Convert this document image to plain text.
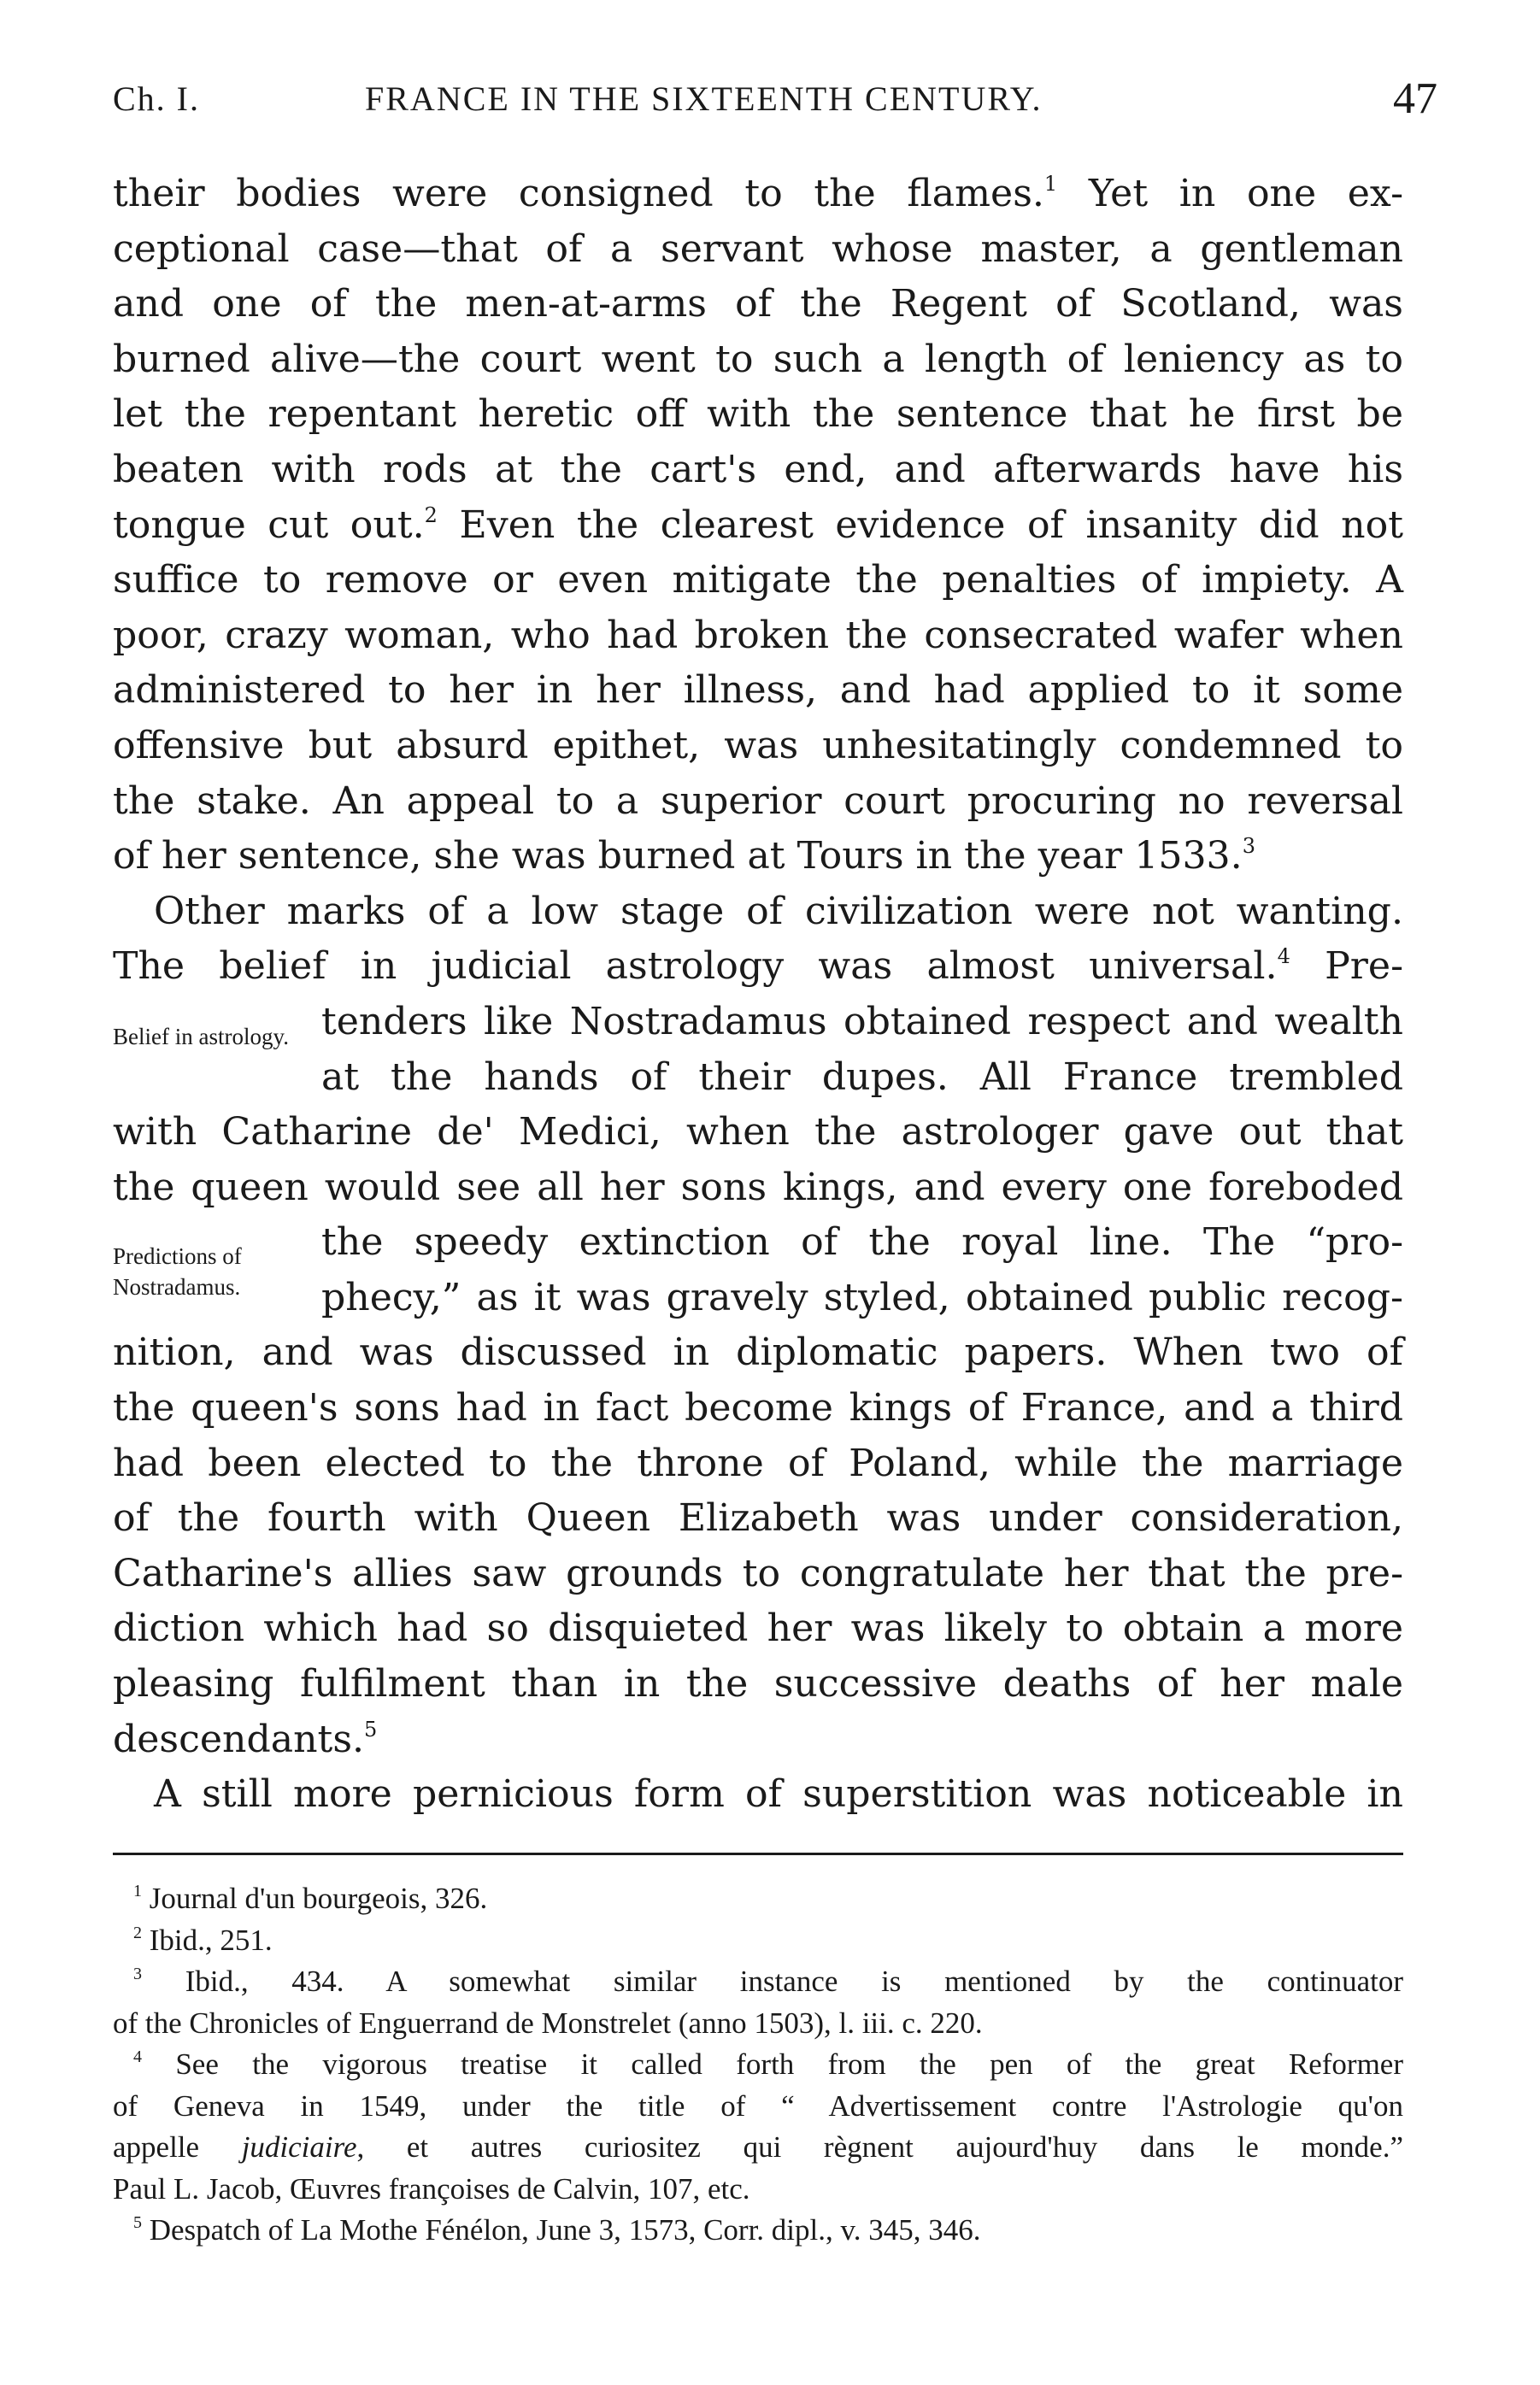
Ch. I.	FRANCE IN THE SIXTEENTH CENTURY.	47
their bodies were consigned to the flames.$^1$ Yet in one ex-
ceptional case—that of a servant whose master, a gentleman
and one of the men-at-arms of the Regent of Scotland, was
burned alive—the court went to such a length of leniency as to
let the repentant heretic off with the sentence that he first be
beaten with rods at the cart's end, and afterwards have his
tongue cut out.$^2$ Even the clearest evidence of insanity did not
suffice to remove or even mitigate the penalties of impiety. A
poor, crazy woman, who had broken the consecrated wafer when
administered to her in her illness, and had applied to it some
offensive but absurd epithet, was unhesitatingly condemned to
the stake. An appeal to a superior court procuring no reversal
of her sentence, she was burned at Tours in the year 1533.$^3$
Other marks of a low stage of civilization were not wanting.
The belief in judicial astrology was almost universal.$^4$ Pre-
tenders like Nostradamus obtained respect and wealth
at the hands of their dupes. All France trembled
with Catharine de' Medici, when the astrologer gave out that
the queen would see all her sons kings, and every one foreboded
the speedy extinction of the royal line. The “pro-
phecy,” as it was gravely styled, obtained public recog-
nition, and was discussed in diplomatic papers. When two of
the queen's sons had in fact become kings of France, and a third
had been elected to the throne of Poland, while the marriage
of the fourth with Queen Elizabeth was under consideration,
Catharine's allies saw grounds to congratulate her that the pre-
diction which had so disquieted her was likely to obtain a more
pleasing fulfilment than in the successive deaths of her male
descendants.$^5$
A still more pernicious form of superstition was noticeable in
Belief in astrology.
Predictions of Nostradamus.
$^1$ Journal d'un bourgeois, 326.
$^2$ Ibid., 251.
$^3$ Ibid., 434. A somewhat similar instance is mentioned by the continuator
of the Chronicles of Enguerrand de Monstrelet (anno 1503), l. iii. c. 220.
$^4$ See the vigorous treatise it called forth from the pen of the great Reformer
of Geneva in 1549, under the title of “ Advertissement contre l'Astrologie qu'on
appelle judiciaire, et autres curiositez qui règnent aujourd'huy dans le monde.”
Paul L. Jacob, Œuvres françoises de Calvin, 107, etc.
$^5$ Despatch of La Mothe Fénélon, June 3, 1573, Corr. dipl., v. 345, 346.
